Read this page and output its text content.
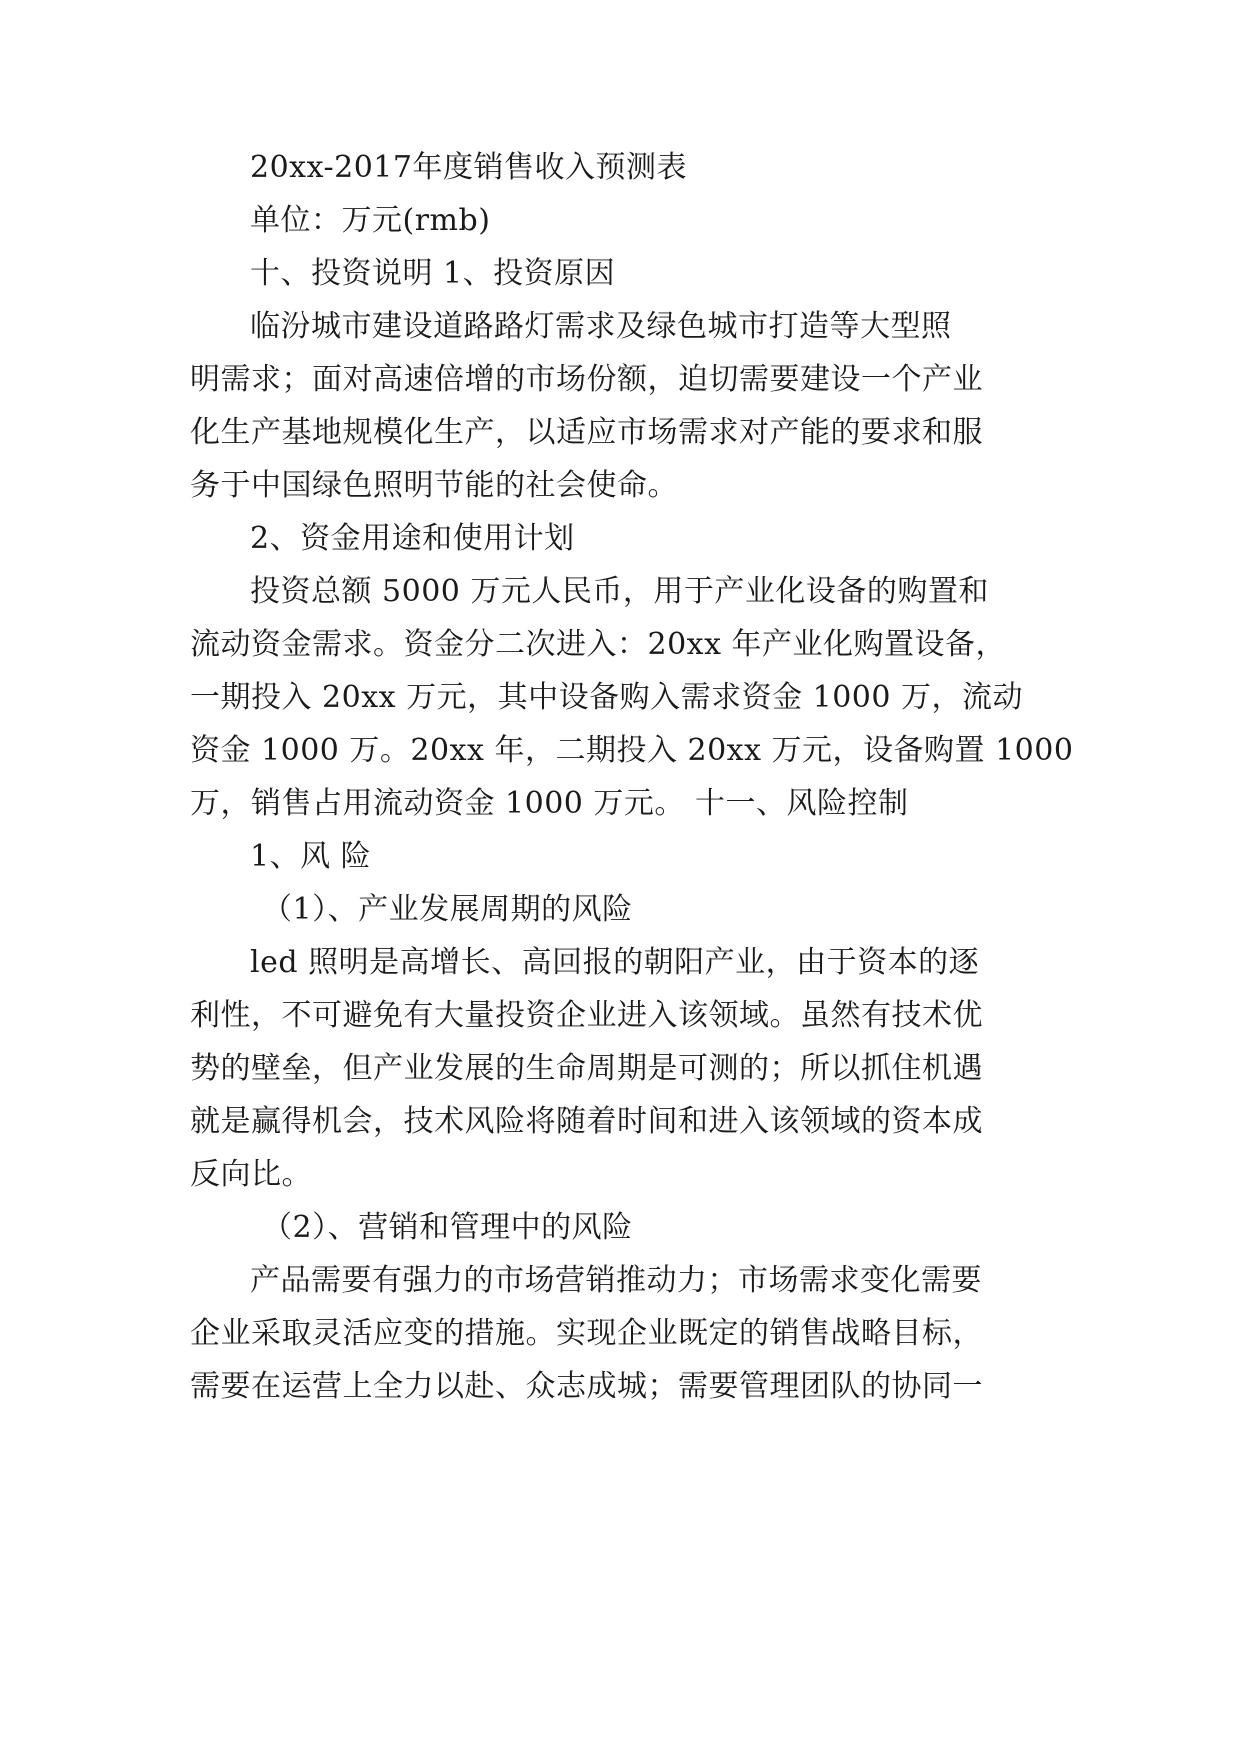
20xx-2017年度销售收入预测表
单位：万元(rmb)
十、投资说明 1、投资原因
临汾城市建设道路路灯需求及绿色城市打造等大型照
明需求；面对高速倍增的市场份额，迫切需要建设一个产业
化生产基地规模化生产，以适应市场需求对产能的要求和服
务于中国绿色照明节能的社会使命。
2、资金用途和使用计划
投资总额 5000 万元人民币，用于产业化设备的购置和
流动资金需求。资金分二次进入：20xx 年产业化购置设备，
一期投入 20xx 万元，其中设备购入需求资金 1000 万，流动
资金 1000 万。20xx 年，二期投入 20xx 万元，设备购置 1000
万，销售占用流动资金 1000 万元。 十一、风险控制
1、风 险
（1）、产业发展周期的风险
led 照明是高增长、高回报的朝阳产业，由于资本的逐
利性，不可避免有大量投资企业进入该领域。虽然有技术优
势的壁垒，但产业发展的生命周期是可测的；所以抓住机遇
就是赢得机会，技术风险将随着时间和进入该领域的资本成
反向比。
（2）、营销和管理中的风险
产品需要有强力的市场营销推动力；市场需求变化需要
企业采取灵活应变的措施。实现企业既定的销售战略目标，
需要在运营上全力以赴、众志成城；需要管理团队的协同一
